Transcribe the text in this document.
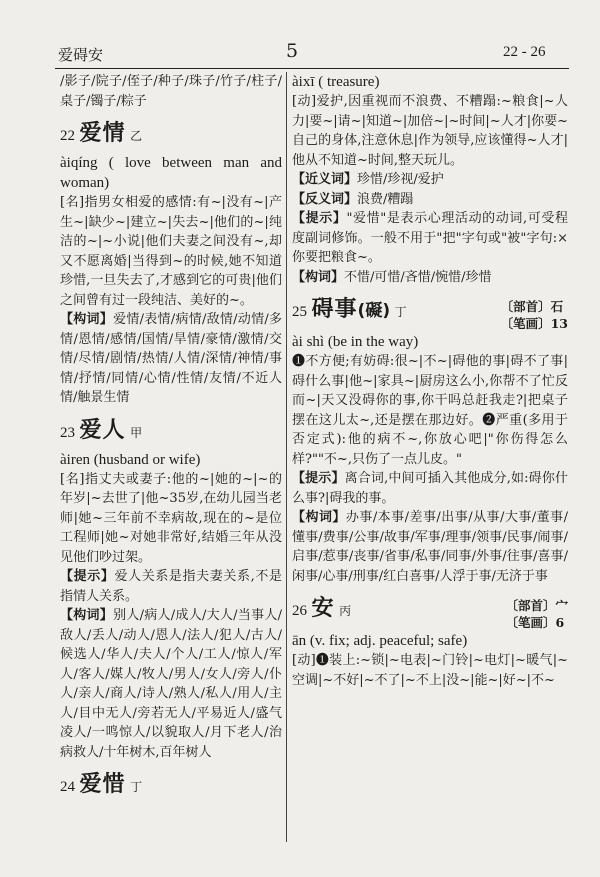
爱碍安	5	22 - 26

/影子/院子/侄子/种子/珠子/竹子/柱子/桌子/镯子/粽子

22 爱情 乙

àiqíng ( love between man and woman)

[名]指男女相爱的感情:有~|没有~|产生~|缺少~|建立~|失去~|他们的~|纯洁的~|~小说|他们夫妻之间没有~,却又不愿离婚|当得到~的时候,她不知道珍惜,一旦失去了,才感到它的可贵|他们之间曾有过一段纯洁、美好的~。

【构词】爱情/表情/病情/敌情/动情/多情/恩情/感情/国情/旱情/豪情/激情/交情/尽情/剧情/热情/人情/深情/神情/事情/抒情/同情/心情/性情/友情/不近人情/触景生情

23 爱人 甲

àiren (husband or wife)

[名]指丈夫或妻子:他的~|她的~|~的年岁|~去世了|他~35岁,在幼儿园当老师|她~三年前不幸病故,现在的~是位工程师|她~对她非常好,结婚三年从没见他们吵过架。

【提示】爱人关系是指夫妻关系,不是指情人关系。

【构词】别人/病人/成人/大人/当事人/敌人/丢人/动人/恩人/法人/犯人/古人/候选人/华人/夫人/个人/工人/惊人/军人/客人/媒人/牧人/男人/女人/旁人/仆人/亲人/商人/诗人/熟人/私人/用人/主人/目中无人/旁若无人/平易近人/盛气凌人/一鸣惊人/以貌取人/月下老人/治病救人/十年树木,百年树人

24 爱惜 丁

àixī ( treasure)

[动]爱护,因重视而不浪费、不糟蹋:~粮食|~人力|要~|请~|知道~|加倍~|~时间|~人才|你要~自己的身体,注意休息|作为领导,应该懂得~人才|他从不知道~时间,整天玩儿。

【近义词】珍惜/珍视/爱护

【反义词】浪费/糟蹋

【提示】"爱惜"是表示心理活动的动词,可受程度副词修饰。一般不用于"把"字句或"被"字句:×你要把粮食~。

【构词】不惜/可惜/吝惜/惋惜/珍惜

〔部首〕石
〔笔画〕13
25 碍事(礙) 丁

ài shì (be in the way)

❶不方便;有妨碍:很~|不~|碍他的事|碍不了事|碍什么事|他~|家具~|厨房这么小,你帮不了忙反而~|天又没碍你的事,你干吗总赶我走?|把桌子摆在这儿太~,还是摆在那边好。❷严重(多用于否定式):他的病不~,你放心吧|"你伤得怎么样?""不~,只伤了一点儿皮。"

【提示】离合词,中间可插入其他成分,如:碍你什么事?|碍我的事。

【构词】办事/本事/差事/出事/从事/大事/董事/懂事/费事/公事/故事/军事/理事/领事/民事/闹事/启事/惹事/丧事/省事/私事/同事/外事/往事/喜事/闲事/心事/刑事/红白喜事/人浮于事/无济于事

〔部首〕宀
〔笔画〕6
26 安 丙

ān (v. fix; adj. peaceful; safe)

[动]❶装上:~锁|~电表|~门铃|~电灯|~暖气|~空调|~不好|~不了|~不上|没~|能~|好~|不~
